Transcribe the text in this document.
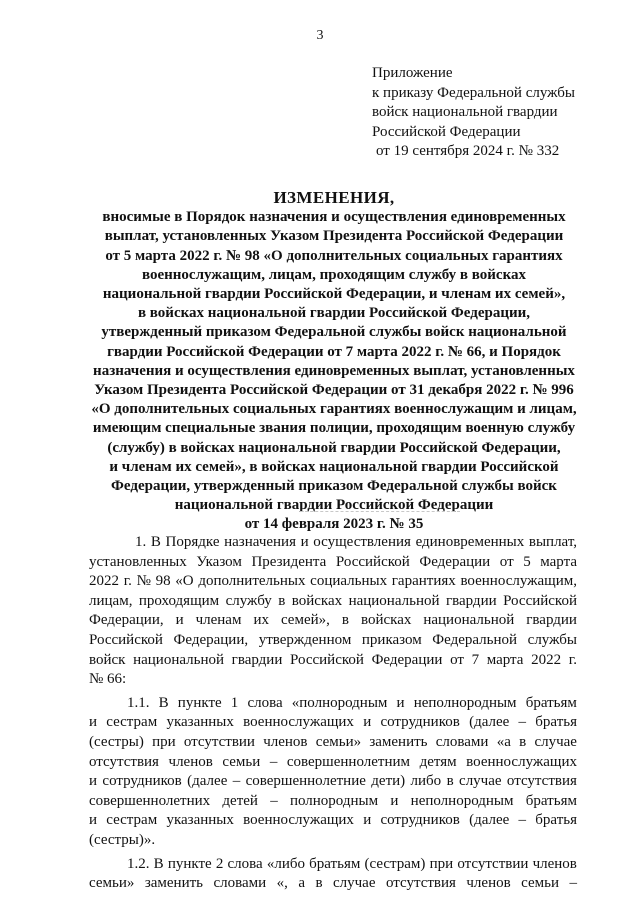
3
Приложение
к приказу Федеральной службы
войск национальной гвардии
Российской Федерации
от 19 сентября 2024 г. № 332
ИЗМЕНЕНИЯ,
вносимые в Порядок назначения и осуществления единовременных
выплат, установленных Указом Президента Российской Федерации
от 5 марта 2022 г. № 98 «О дополнительных социальных гарантиях
военнослужащим, лицам, проходящим службу в войсках
национальной гвардии Российской Федерации, и членам их семей»,
в войсках национальной гвардии Российской Федерации,
утвержденный приказом Федеральной службы войск национальной
гвардии Российской Федерации от 7 марта 2022 г. № 66, и Порядок
назначения и осуществления единовременных выплат, установленных
Указом Президента Российской Федерации от 31 декабря 2022 г. № 996
«О дополнительных социальных гарантиях военнослужащим и лицам,
имеющим специальные звания полиции, проходящим военную службу
(службу) в войсках национальной гвардии Российской Федерации,
и членам их семей», в войсках национальной гвардии Российской
Федерации, утвержденный приказом Федеральной службы войск
национальной гвардии Российской Федерации
от 14 февраля 2023 г. № 35
1. В Порядке назначения и осуществления единовременных выплат,
установленных Указом Президента Российской Федерации от 5 марта
2022 г. № 98 «О дополнительных социальных гарантиях военнослужащим,
лицам, проходящим службу в войсках национальной гвардии Российской
Федерации, и членам их семей», в войсках национальной гвардии
Российской Федерации, утвержденном приказом Федеральной службы
войск национальной гвардии Российской Федерации от 7 марта 2022 г.
№ 66:
1.1. В пункте 1 слова «полнородным и неполнородным братьям
и сестрам указанных военнослужащих и сотрудников (далее – братья
(сестры) при отсутствии членов семьи» заменить словами «а в случае
отсутствия членов семьи – совершеннолетним детям военнослужащих
и сотрудников (далее – совершеннолетние дети) либо в случае отсутствия
совершеннолетних детей – полнородным и неполнородным братьям
и сестрам указанных военнослужащих и сотрудников (далее – братья
(сестры)».
1.2. В пункте 2 слова «либо братьям (сестрам) при отсутствии членов
семьи» заменить словами «, а в случае отсутствия членов семьи –
